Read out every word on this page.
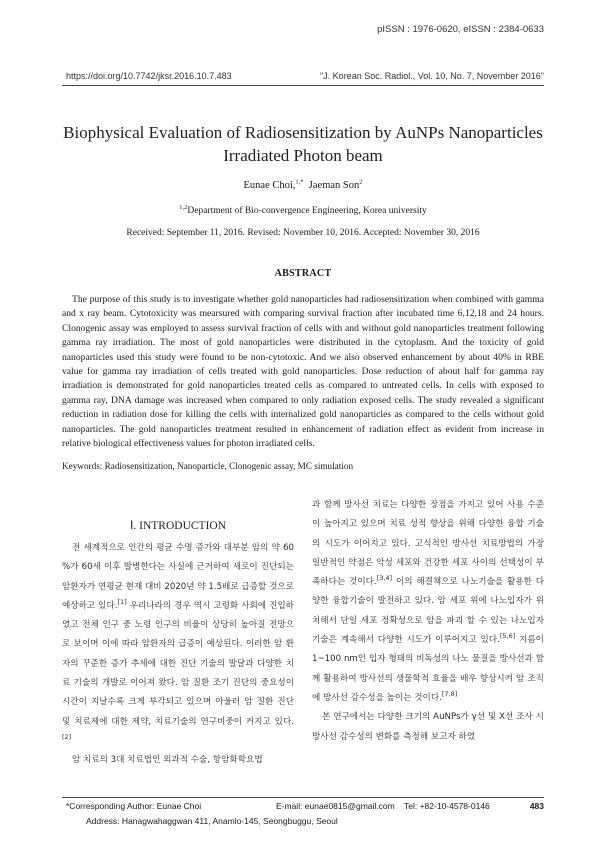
pISSN : 1976-0620, eISSN : 2384-0633
https://doi.org/10.7742/jksr.2016.10.7.483	"J. Korean Soc. Radiol., Vol. 10, No. 7, November 2016"
Biophysical Evaluation of Radiosensitization by AuNPs Nanoparticles Irradiated Photon beam
Eunae Choi,$^{1,*}$ Jaeman Son$^2$
$^{1,2}$Department of Bio-convergence Engineering, Korea university
Received: September 11, 2016. Revised: November 10, 2016. Accepted: November 30, 2016
ABSTRACT
The purpose of this study is to investigate whether gold nanoparticles had radiosensitization when combined with gamma and x ray beam. Cytotoxicity was mearsured with comparing survival fraction after incubated time 6,12,18 and 24 hours. Clonogenic assay was employed to assess survival fraction of cells with and without gold nanoparticles treatment following gamma ray irradiation. The most of gold nanoparticles were distributed in the cytoplasm. And the toxicity of gold nanoparticles used this study were found to be non-cytotoxic. And we also observed enhancement by about 40% in RBE value for gamma ray irradiation of cells treated with gold nanoparticles. Dose reduction of about half for gamma ray irradiation is demonstrated for gold nanoparticles treated cells as compared to untreated cells. In cells with exposed to gamma ray, DNA damage was increased when compared to only radiation exposed cells. The study revealed a significant reduction in radiation dose for killing the cells with internalized gold nanoparticles as compared to the cells without gold nanoparticles. The gold nanoparticles treatment resulted in enhancement of radiation effect as evident from increase in relative biological effectiveness values for photon irradiated cells.
Keywords: Radiosensitization, Nanoparticle, Clonogenic assay, MC simulation
Ⅰ. INTRODUCTION

전 세계적으로 인간의 평균 수명 증가와 대부분 암의 약 60 %가 60세 이후 발병한다는 사실에 근거하여 새로이 진단되는 암환자가 연평균 현재 대비 2020년 약 1.5배로 급증할 것으로 예상하고 있다.[1] 우리나라의 경우 역시 고령화 사회에 진입하였고 전체 인구 중 노령 인구의 비율이 상당히 높아질 전망으로 보이며 이에 따라 암환자의 급증이 예상된다. 이러한 암 환자의 꾸준한 증가 추세에 대한 진단 기술의 발달과 다양한 치료 기술의 개발로 이어져 왔다. 암 질환 조기 진단의 중요성이 시간이 지날수록 크게 부각되고 있으며 아울러 암 질환 진단 및 치료제에 대한 제약, 치료기술의 연구비중이 커지고 있다.[2]

암 치료의 3대 치료법인 외과적 수술, 항암화학요법

과 함께 방사선 치료는 다양한 장점을 가지고 있어 사용 수준이 높아지고 있으며 치료 성적 향상을 위해 다양한 융합 기술의 시도가 이어지고 있다. 고식적인 방사선 치료방법의 가장 일반적인 약점은 악성 세포와 건강한 세포 사이의 선택성이 부족하다는 것이다.[3,4] 이의 해결책으로 나노기술을 활용한 다양한 융합기술이 발전하고 있다. 암 세포 위에 나노입자가 위치해서 단일 세포 정확성으로 암을 파괴 할 수 있는 나노입자 기술은 계속해서 다양한 시도가 이루어지고 있다.[5,6] 지름이 1~100 nm인 입자 형태의 비독성의 나노 물질을 방사선과 함께 활용하여 방사선의 생물학적 효율을 배우 향상시켜 암 조직에 방사선 감수성을 높이는 것이다.[7,8]

본 연구에서는 다양한 크기의 AuNPs가 γ선 및 X선 조사 시 방사선 감수성의 변화를 측정해 보고자 하였

*Corresponding Author: Eunae Choi	E-mail: eunae0815@gmail.com Tel: +82-10-4578-0146	483
Address: Hanagwahaggwan 411, Anamlo-145, Seongbuggu, Seoul
